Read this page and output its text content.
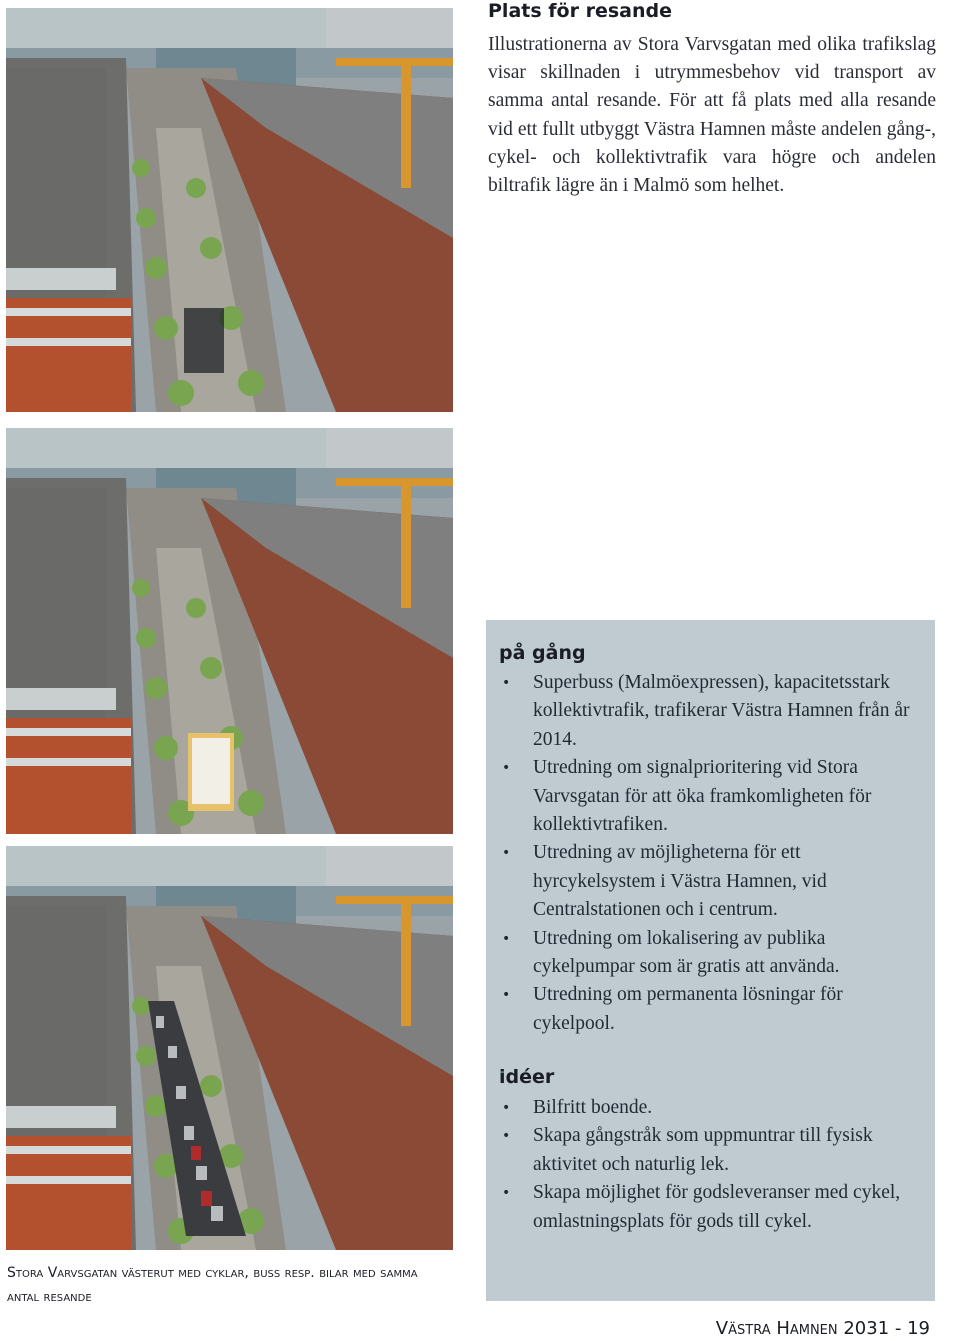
Plats för resande

Illustrationerna av Stora Varvsgatan med olika trafikslag visar skillnaden i utrymmesbehov vid transport av samma antal resande. För att få plats med alla resande vid ett fullt utbyggt Västra Hamnen måste andelen gång-, cykel- och kollektivtrafik vara högre och andelen biltrafik lägre än i Malmö som helhet.

på gång
• Superbuss (Malmöexpressen), kapacitetsstark kollektivtrafik, trafikerar Västra Hamnen från år 2014.
• Utredning om signalprioritering vid Stora Varvsgatan för att öka framkomligheten för kollektivtrafiken.
• Utredning av möjligheterna för ett hyrcykelsystem i Västra Hamnen, vid Centralstationen och i centrum.
• Utredning om lokalisering av publika cykelpumpar som är gratis att använda.
• Utredning om permanenta lösningar för cykelpool.
idéer
• Bilfritt boende.
• Skapa gångstråk som uppmuntrar till fysisk aktivitet och naturlig lek.
• Skapa möjlighet för godsleveranser med cykel, omlastningsplats för gods till cykel.

Stora Varvsgatan västerut med cyklar, buss resp. bilar med samma antal resande

Västra Hamnen 2031 - 19
